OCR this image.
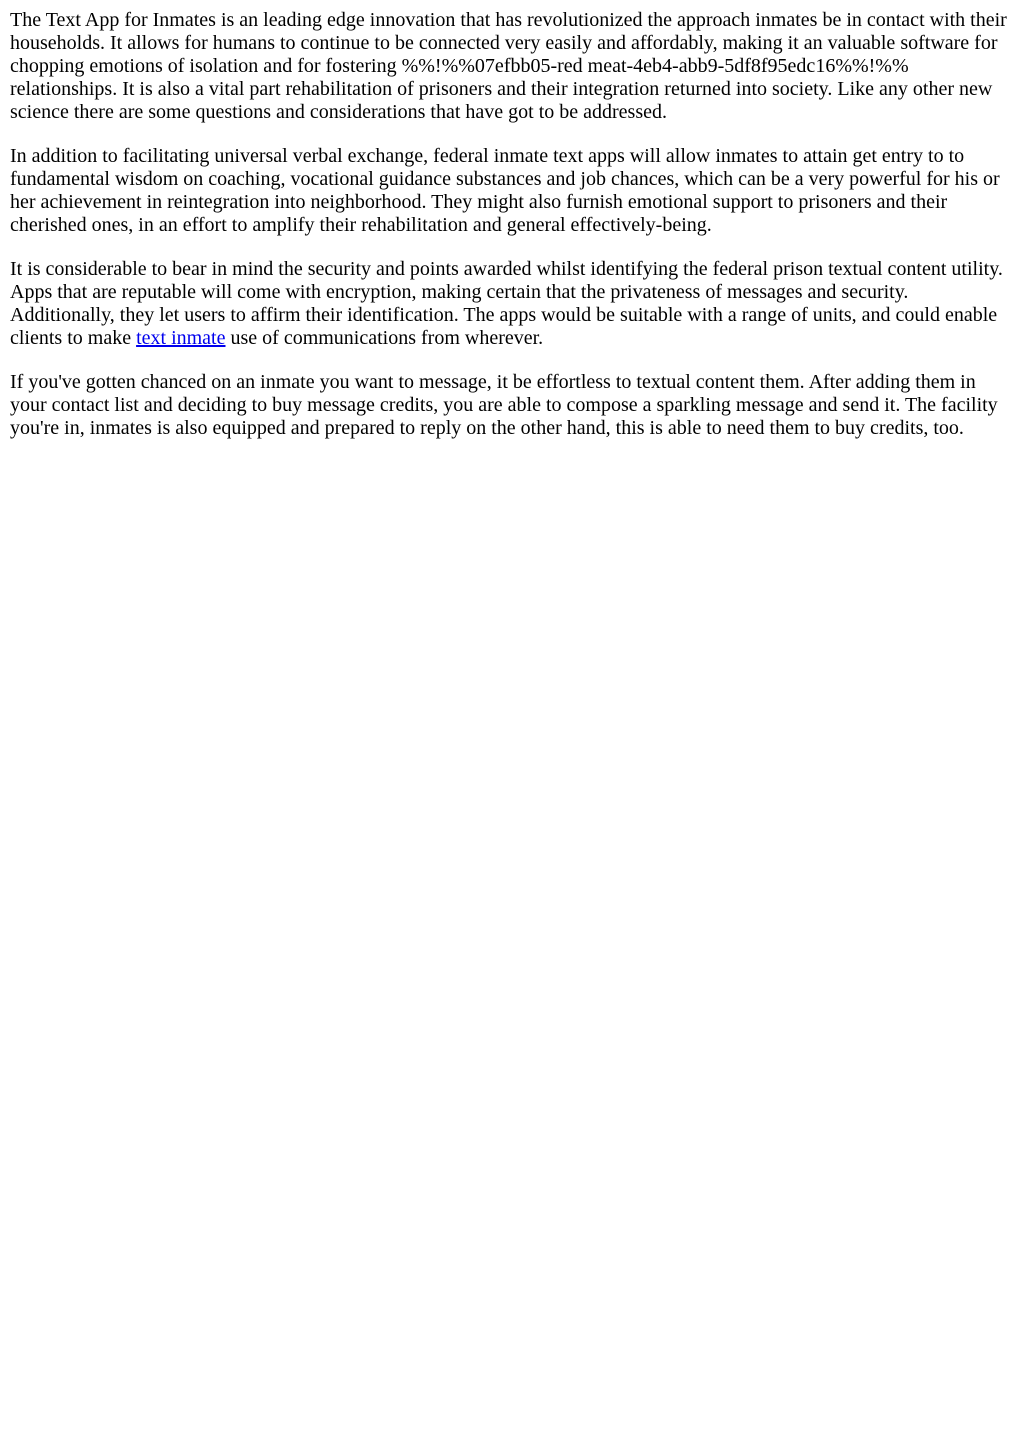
The Text App for Inmates is an leading edge innovation that has revolutionized the approach inmates be in contact with their households. It allows for humans to continue to be connected very easily and affordably, making it an valuable software for chopping emotions of isolation and for fostering %%!%%07efbb05-red meat-4eb4-abb9-5df8f95edc16%%!%% relationships. It is also a vital part rehabilitation of prisoners and their integration returned into society. Like any other new science there are some questions and considerations that have got to be addressed.

In addition to facilitating universal verbal exchange, federal inmate text apps will allow inmates to attain get entry to to fundamental wisdom on coaching, vocational guidance substances and job chances, which can be a very powerful for his or her achievement in reintegration into neighborhood. They might also furnish emotional support to prisoners and their cherished ones, in an effort to amplify their rehabilitation and general effectively-being.

It is considerable to bear in mind the security and points awarded whilst identifying the federal prison textual content utility. Apps that are reputable will come with encryption, making certain that the privateness of messages and security. Additionally, they let users to affirm their identification. The apps would be suitable with a range of units, and could enable clients to make text inmate use of communications from wherever.

If you've gotten chanced on an inmate you want to message, it be effortless to textual content them. After adding them in your contact list and deciding to buy message credits, you are able to compose a sparkling message and send it. The facility you're in, inmates is also equipped and prepared to reply on the other hand, this is able to need them to buy credits, too.
